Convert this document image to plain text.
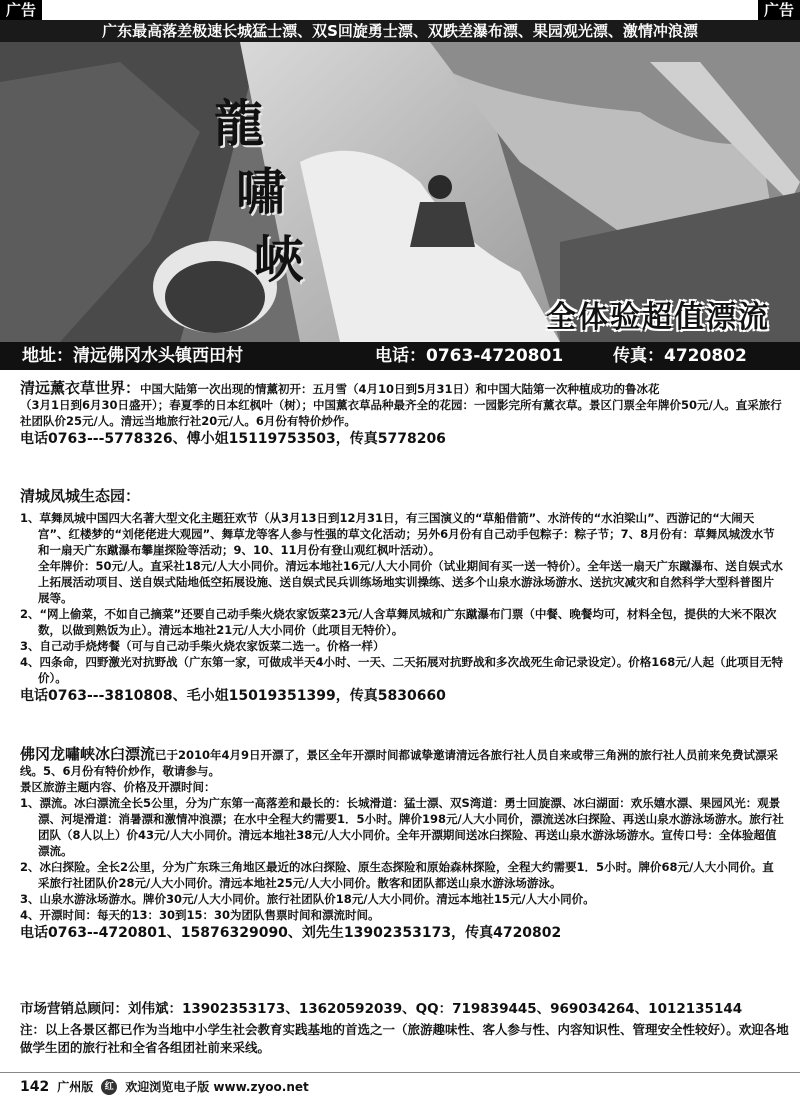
广告	广告
广东最高落差极速长城猛士漂、双S回旋勇士漂、双跌差瀑布漂、果园观光漂、激情冲浪漂
龍
嘯
峽
全体验超值漂流
地址：清远佛冈水头镇西田村	电话：0763-4720801	传真：4720802

清远薰衣草世界：中国大陆第一次出现的情薰初开：五月雪（4月10日到5月31日）和中国大陆第一次种植成功的鲁冰花

（3月1日到6月30日盛开）；春夏季的日本红枫叶（树）；中国薰衣草品种最齐全的花园：一园影完所有薰衣草。景区门票全年牌价50元/人。直采旅行社团队价25元/人。清远当地旅行社20元/人。6月份有特价炒作。

电话0763---5778326、傅小姐15119753503，传真5778206

清城凤城生态园：

1、草舞凤城中国四大名著大型文化主题狂欢节（从3月13日到12月31日，有三国演义的“草船借箭”、水浒传的“水泊梁山”、西游记的“大闹天宫”、红楼梦的“刘佬佬进大观园”、舞草龙等客人参与性强的草文化活动；另外6月份有自己动手包粽子：粽子节；7、8月份有：草舞凤城泼水节和一扇天广东蹴瀑布攀崖探险等活动；9、10、11月份有登山观红枫叶活动）。

全年牌价：50元/人。直采社18元/人大小同价。清远本地社16元/人大小同价（试业期间有买一送一特价）。全年送一扇天广东蹴瀑布、送自娱式水上拓展活动项目、送自娱式陆地低空拓展设施、送自娱式民兵训练场地实训操练、送多个山泉水游泳场游水、送抗灾减灾和自然科学大型科普图片展等。

2、“网上偷菜，不如自己摘菜”还要自己动手柴火烧农家饭菜23元/人含草舞凤城和广东蹴瀑布门票（中餐、晚餐均可，材料全包，提供的大米不限次数，以做到熟饭为止）。清远本地社21元/人大小同价（此项目无特价）。

3、自己动手烧烤餐（可与自己动手柴火烧农家饭菜二选一。价格一样）

4、四条命，四野激光对抗野战（广东第一家，可做成半天4小时、一天、二天拓展对抗野战和多次战死生命记录设定）。价格168元/人起（此项目无特价）。

电话0763---3810808、毛小姐15019351399，传真5830660

佛冈龙嘯峡冰臼漂流已于2010年4月9日开漂了，景区全年开漂时间都诚挚邀请清远各旅行社人员自来或带三角洲的旅行社人员前来免费试漂采线。5、6月份有特价炒作，敬请参与。

景区旅游主题内容、价格及开漂时间：

1、漂流。冰臼漂流全长5公里，分为广东第一高落差和最长的：长城滑道：猛士漂、双S湾道：勇士回旋漂、冰臼湖面：欢乐嬉水漂、果园风光：观景漂、河堤滑道：消暑漂和激情冲浪漂；在水中全程大约需要1．5小时。牌价198元/人大小同价，漂流送冰臼探险、再送山泉水游泳场游水。旅行社团队（8人以上）价43元/人大小同价。清远本地社38元/人大小同价。全年开漂期间送冰臼探险、再送山泉水游泳场游水。宣传口号：全体验超值漂流。

2、冰臼探险。全长2公里，分为广东珠三角地区最近的冰臼探险、原生态探险和原始森林探险，全程大约需要1．5小时。牌价68元/人大小同价。直采旅行社团队价28元/人大小同价。清远本地社25元/人大小同价。散客和团队都送山泉水游泳场游泳。

3、山泉水游泳场游水。牌价30元/人大小同价。旅行社团队价18元/人大小同价。清远本地社15元/人大小同价。

4、开漂时间：每天的13：30到15：30为团队售票时间和漂流时间。

电话0763--4720801、15876329090、刘先生13902353173，传真4720802

市场营销总顾问：刘伟斌：13902353173、13620592039、QQ：719839445、969034264、1012135144

注：以上各景区都已作为当地中小学生社会教育实践基地的首选之一（旅游趣味性、客人参与性、内容知识性、管理安全性较好）。欢迎各地做学生团的旅行社和全省各组团社前来采线。

142 广州版	红 欢迎浏览电子版 www.zyoo.net
